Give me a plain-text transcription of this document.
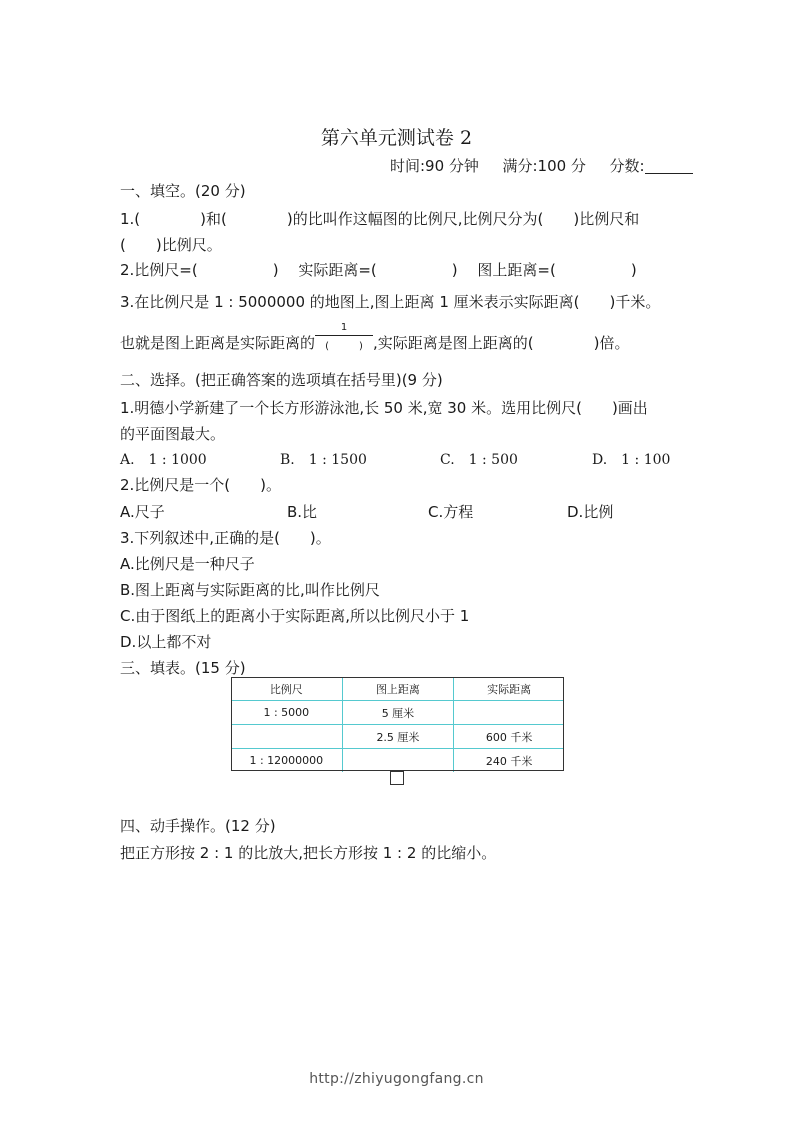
第六单元测试卷 2
时间:90 分钟 满分:100 分 分数:
一、填空。(20 分)
1.(　　　　)和(　　　　)的比叫作这幅图的比例尺,比例尺分为(　　)比例尺和
(　　)比例尺。
2.比例尺=(　　　　　)　 实际距离=(　　　　　)　 图上距离=(　　　　　)
3.在比例尺是 1 : 5000000 的地图上,图上距离 1 厘米表示实际距离(　　)千米。
也就是图上距离是实际距离的 $\frac{1}{( )}$ ,实际距离是图上距离的(　　　　)倍。
二、选择。(把正确答案的选项填在括号里)(9 分)
1.明德小学新建了一个长方形游泳池,长 50 米,宽 30 米。选用比例尺(　　)画出
的平面图最大。
A.　1 : 1000	B.　1 : 1500	C.　1 : 500	D.　1 : 100
2.比例尺是一个(　　)。
A.尺子	B.比	C.方程	D.比例
3.下列叙述中,正确的是(　　)。
A.比例尺是一种尺子
B.图上距离与实际距离的比,叫作比例尺
C.由于图纸上的距离小于实际距离,所以比例尺小于 1
D.以上都不对
三、填表。(15 分)
比例尺	图上距离	实际距离
1 : 5000	5 厘米	
	2.5 厘米	600 千米
1 : 12000000		240 千米
四、动手操作。(12 分)
把正方形按 2 : 1 的比放大,把长方形按 1 : 2 的比缩小。
http://zhiyugongfang.cn
